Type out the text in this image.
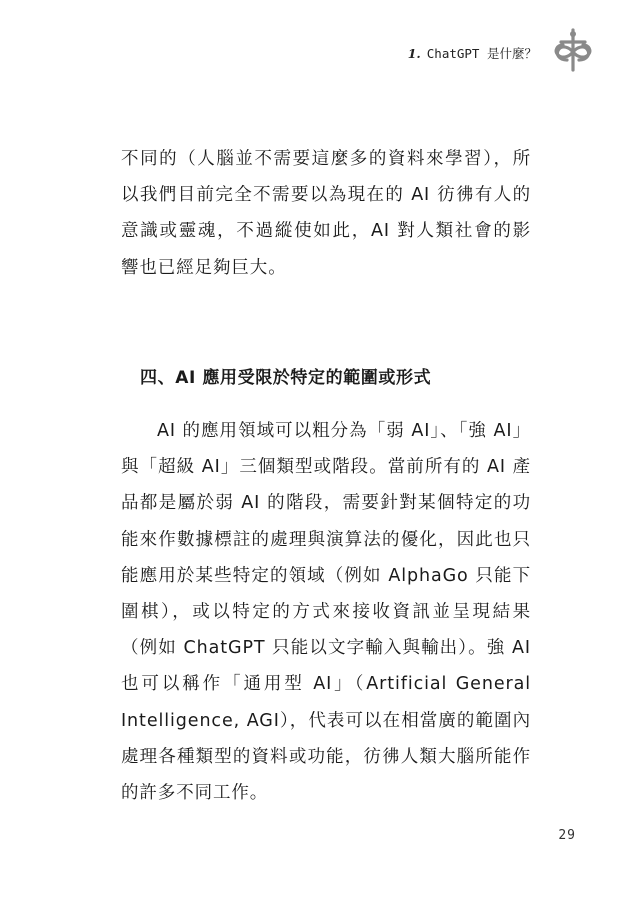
1. ChatGPT 是什麼？

不同的（人腦並不需要這麼多的資料來學習），所以我們目前完全不需要以為現在的 AI 彷彿有人的意識或靈魂，不過縱使如此，AI 對人類社會的影響也已經足夠巨大。

四、AI 應用受限於特定的範圍或形式

AI 的應用領域可以粗分為「弱 AI」、「強 AI」與「超級 AI」三個類型或階段。當前所有的 AI 產品都是屬於弱 AI 的階段，需要針對某個特定的功能來作數據標註的處理與演算法的優化，因此也只能應用於某些特定的領域（例如 AlphaGo 只能下圍棋），或以特定的方式來接收資訊並呈現結果（例如 ChatGPT 只能以文字輸入與輸出）。強 AI 也可以稱作「通用型 AI」（Artificial General Intelligence, AGI），代表可以在相當廣的範圍內處理各種類型的資料或功能，彷彿人類大腦所能作的許多不同工作。

29
